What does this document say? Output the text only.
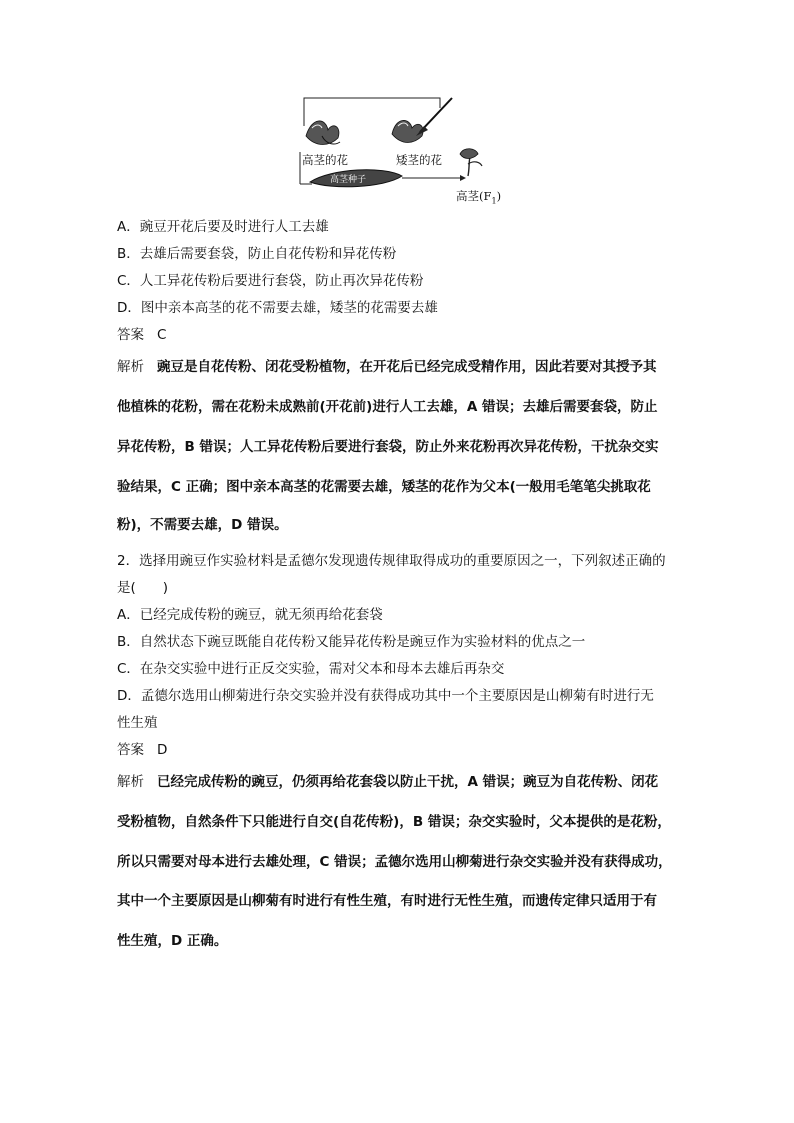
高茎种子
高茎的花	矮茎的花
高茎$(F_1)$
A．豌豆开花后要及时进行人工去雄
B．去雄后需要套袋，防止自花传粉和异花传粉
C．人工异花传粉后要进行套袋，防止再次异花传粉
D．图中亲本高茎的花不需要去雄，矮茎的花需要去雄
答案 C
解析 豌豆是自花传粉、闭花受粉植物，在开花后已经完成受精作用，因此若要对其授予其
他植株的花粉，需在花粉未成熟前(开花前)进行人工去雄，A 错误；去雄后需要套袋，防止
异花传粉，B 错误；人工异花传粉后要进行套袋，防止外来花粉再次异花传粉，干扰杂交实
验结果，C 正确；图中亲本高茎的花需要去雄，矮茎的花作为父本(一般用毛笔笔尖挑取花
粉)，不需要去雄，D 错误。
2．选择用豌豆作实验材料是孟德尔发现遗传规律取得成功的重要原因之一，下列叙述正确的
是(　　)
A．已经完成传粉的豌豆，就无须再给花套袋
B．自然状态下豌豆既能自花传粉又能异花传粉是豌豆作为实验材料的优点之一
C．在杂交实验中进行正反交实验，需对父本和母本去雄后再杂交
D．孟德尔选用山柳菊进行杂交实验并没有获得成功其中一个主要原因是山柳菊有时进行无
性生殖
答案 D
解析 已经完成传粉的豌豆，仍须再给花套袋以防止干扰，A 错误；豌豆为自花传粉、闭花
受粉植物，自然条件下只能进行自交(自花传粉)，B 错误；杂交实验时，父本提供的是花粉，
所以只需要对母本进行去雄处理，C 错误；孟德尔选用山柳菊进行杂交实验并没有获得成功，
其中一个主要原因是山柳菊有时进行有性生殖，有时进行无性生殖，而遗传定律只适用于有
性生殖，D 正确。
